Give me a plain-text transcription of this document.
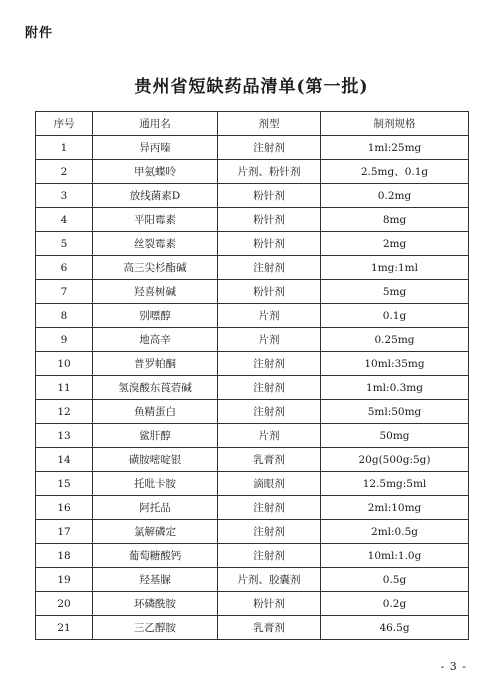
附件
贵州省短缺药品清单(第一批)
序号	通用名	剂型	制剂规格
1	异丙嗪	注射剂	1ml:25mg
2	甲氨蝶呤	片剂、粉针剂	2.5mg、0.1g
3	放线菌素D	粉针剂	0.2mg
4	平阳霉素	粉针剂	8mg
5	丝裂霉素	粉针剂	2mg
6	高三尖杉酯碱	注射剂	1mg:1ml
7	羟喜树碱	粉针剂	5mg
8	别嘌醇	片剂	0.1g
9	地高辛	片剂	0.25mg
10	普罗帕酮	注射剂	10ml:35mg
11	氢溴酸东莨菪碱	注射剂	1ml:0.3mg
12	鱼精蛋白	注射剂	5ml:50mg
13	鲨肝醇	片剂	50mg
14	磺胺嘧啶银	乳膏剂	20g(500g:5g)
15	托吡卡胺	滴眼剂	12.5mg:5ml
16	阿托品	注射剂	2ml:10mg
17	氯解磷定	注射剂	2ml:0.5g
18	葡萄糖酸钙	注射剂	10ml:1.0g
19	羟基脲	片剂、胶囊剂	0.5g
20	环磷酰胺	粉针剂	0.2g
21	三乙醇胺	乳膏剂	46.5g
- 3 -
